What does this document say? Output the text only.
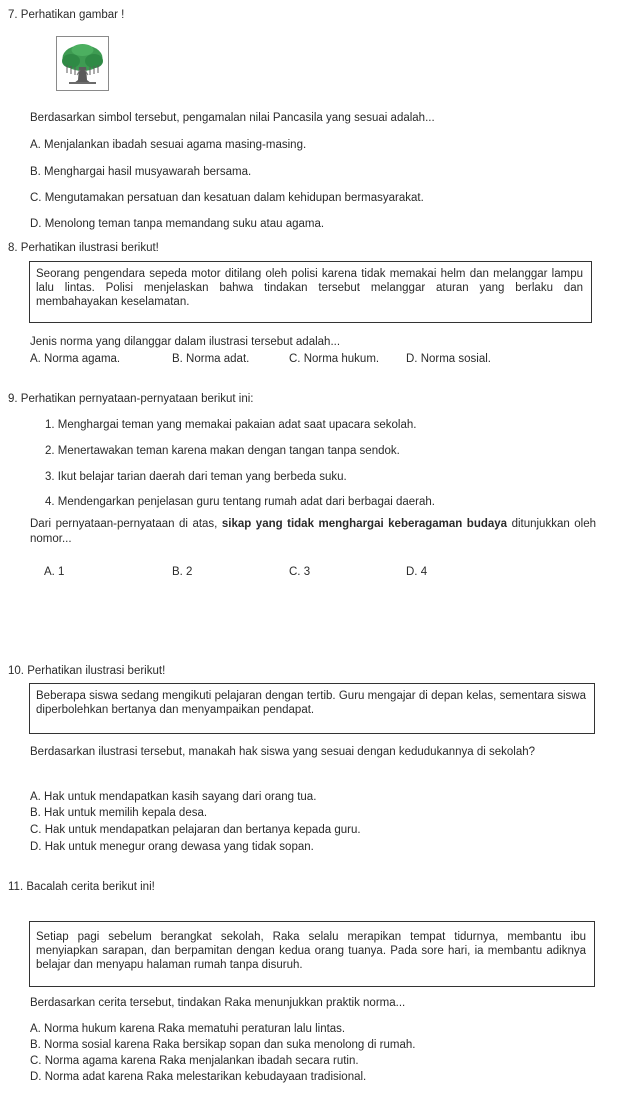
7. Perhatikan gambar !
Berdasarkan simbol tersebut, pengamalan nilai Pancasila yang sesuai adalah...
A. Menjalankan ibadah sesuai agama masing-masing.
B. Menghargai hasil musyawarah bersama.
C. Mengutamakan persatuan dan kesatuan dalam kehidupan bermasyarakat.
D. Menolong teman tanpa memandang suku atau agama.
8. Perhatikan ilustrasi berikut!
Seorang pengendara sepeda motor ditilang oleh polisi karena tidak memakai helm dan melanggar lampu lalu lintas. Polisi menjelaskan bahwa tindakan tersebut melanggar aturan yang berlaku dan membahayakan keselamatan.
Jenis norma yang dilanggar dalam ilustrasi tersebut adalah...
A. Norma agama.	B. Norma adat.	C. Norma hukum. D. Norma sosial.
9. Perhatikan pernyataan-pernyataan berikut ini:
1. Menghargai teman yang memakai pakaian adat saat upacara sekolah.
2. Menertawakan teman karena makan dengan tangan tanpa sendok.
3. Ikut belajar tarian daerah dari teman yang berbeda suku.
4. Mendengarkan penjelasan guru tentang rumah adat dari berbagai daerah.
Dari pernyataan-pernyataan di atas, sikap yang tidak menghargai keberagaman budaya ditunjukkan oleh nomor...
A. 1	B. 2	C. 3	D. 4
10. Perhatikan ilustrasi berikut!
Beberapa siswa sedang mengikuti pelajaran dengan tertib. Guru mengajar di depan kelas, sementara siswa diperbolehkan bertanya dan menyampaikan pendapat.
Berdasarkan ilustrasi tersebut, manakah hak siswa yang sesuai dengan kedudukannya di sekolah?
A. Hak untuk mendapatkan kasih sayang dari orang tua.
B. Hak untuk memilih kepala desa.
C. Hak untuk mendapatkan pelajaran dan bertanya kepada guru.
D. Hak untuk menegur orang dewasa yang tidak sopan.
11. Bacalah cerita berikut ini!
Setiap pagi sebelum berangkat sekolah, Raka selalu merapikan tempat tidurnya, membantu ibu menyiapkan sarapan, dan berpamitan dengan kedua orang tuanya. Pada sore hari, ia membantu adiknya belajar dan menyapu halaman rumah tanpa disuruh.
Berdasarkan cerita tersebut, tindakan Raka menunjukkan praktik norma...
A. Norma hukum karena Raka mematuhi peraturan lalu lintas.
B. Norma sosial karena Raka bersikap sopan dan suka menolong di rumah.
C. Norma agama karena Raka menjalankan ibadah secara rutin.
D. Norma adat karena Raka melestarikan kebudayaan tradisional.
